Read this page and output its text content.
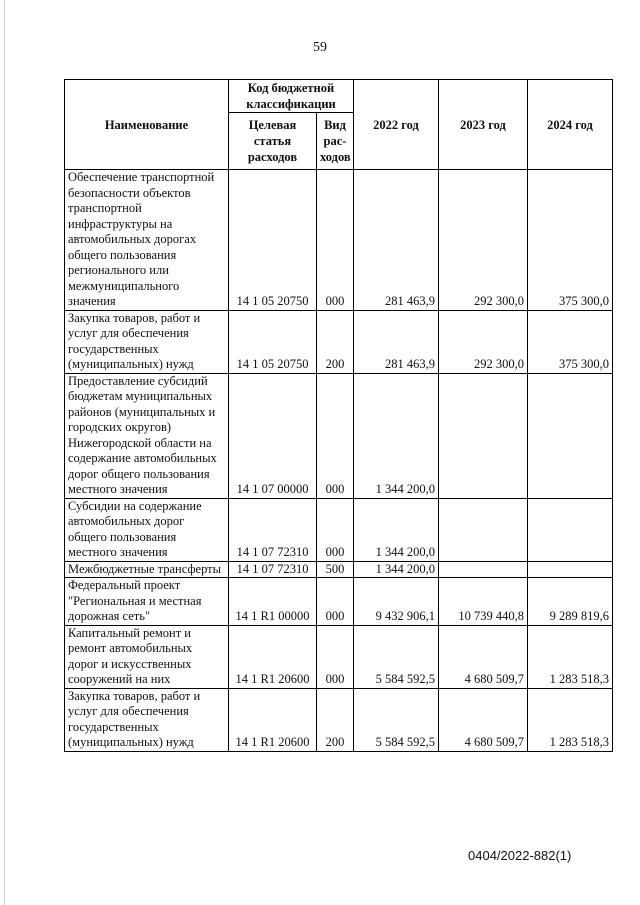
59
Наименование	Код бюджетной классификации		2022 год	2023 год	2024 год
	Целевая статья расходов	Вид рас-ходов			
Обеспечение транспортной безопасности объектов транспортной инфраструктуры на автомобильных дорогах общего пользования регионального или межмуниципального значения	14 1 05 20750	000	281 463,9	292 300,0	375 300,0
Закупка товаров, работ и услуг для обеспечения государственных (муниципальных) нужд	14 1 05 20750	200	281 463,9	292 300,0	375 300,0
Предоставление субсидий бюджетам муниципальных районов (муниципальных и городских округов) Нижегородской области на содержание автомобильных дорог общего пользования местного значения	14 1 07 00000	000	1 344 200,0		
Субсидии на содержание автомобильных дорог общего пользования местного значения	14 1 07 72310	000	1 344 200,0		
Межбюджетные трансферты	14 1 07 72310	500	1 344 200,0		
Федеральный проект "Региональная и местная дорожная сеть"	14 1 R1 00000	000	9 432 906,1	10 739 440,8	9 289 819,6
Капитальный ремонт и ремонт автомобильных дорог и искусственных сооружений на них	14 1 R1 20600	000	5 584 592,5	4 680 509,7	1 283 518,3
Закупка товаров, работ и услуг для обеспечения государственных (муниципальных) нужд	14 1 R1 20600	200	5 584 592,5	4 680 509,7	1 283 518,3
0404/2022-882(1)
